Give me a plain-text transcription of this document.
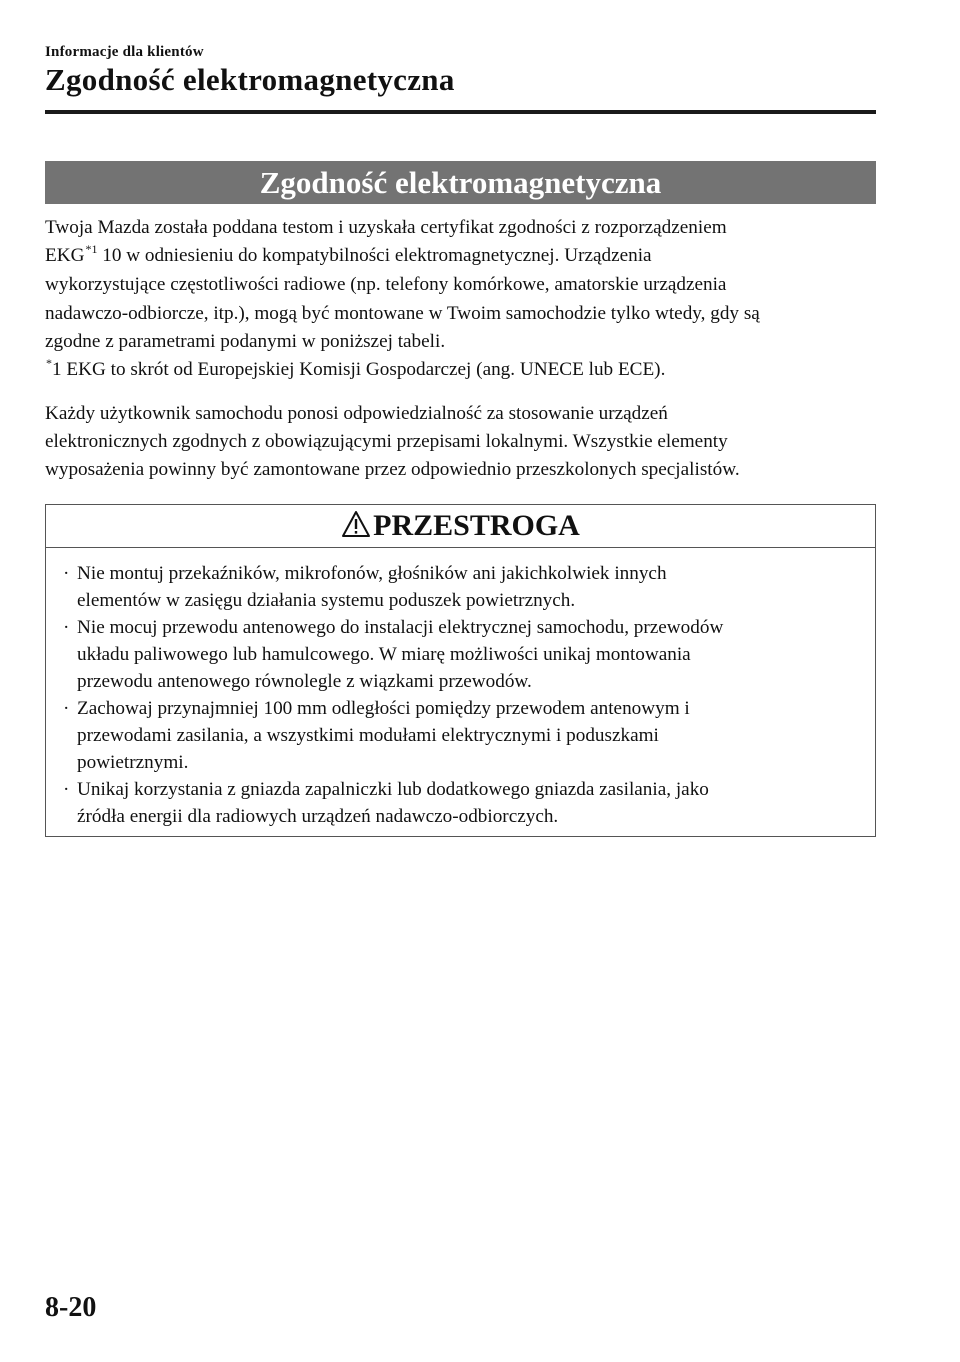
Informacje dla klientów
Zgodność elektromagnetyczna
Zgodność elektromagnetyczna

Twoja Mazda została poddana testom i uzyskała certyfikat zgodności z rozporządzeniem

EKG$^{*1}$ 10 w odniesieniu do kompatybilności elektromagnetycznej. Urządzenia

wykorzystujące częstotliwości radiowe (np. telefony komórkowe, amatorskie urządzenia

nadawczo-odbiorcze, itp.), mogą być montowane w Twoim samochodzie tylko wtedy, gdy są

zgodne z parametrami podanymi w poniższej tabeli.

*1 EKG to skrót od Europejskiej Komisji Gospodarczej (ang. UNECE lub ECE).

Każdy użytkownik samochodu ponosi odpowiedzialność za stosowanie urządzeń

elektronicznych zgodnych z obowiązującymi przepisami lokalnymi. Wszystkie elementy

wyposażenia powinny być zamontowane przez odpowiednio przeszkolonych specjalistów.

PRZESTROGA
· Nie montuj przekaźników, mikrofonów, głośników ani jakichkolwiek innych
elementów w zasięgu działania systemu poduszek powietrznych.
· Nie mocuj przewodu antenowego do instalacji elektrycznej samochodu, przewodów
układu paliwowego lub hamulcowego. W miarę możliwości unikaj montowania
przewodu antenowego równolegle z wiązkami przewodów.
· Zachowaj przynajmniej 100 mm odległości pomiędzy przewodem antenowym i
przewodami zasilania, a wszystkimi modułami elektrycznymi i poduszkami
powietrznymi.
· Unikaj korzystania z gniazda zapalniczki lub dodatkowego gniazda zasilania, jako
źródła energii dla radiowych urządzeń nadawczo-odbiorczych.
8-20
